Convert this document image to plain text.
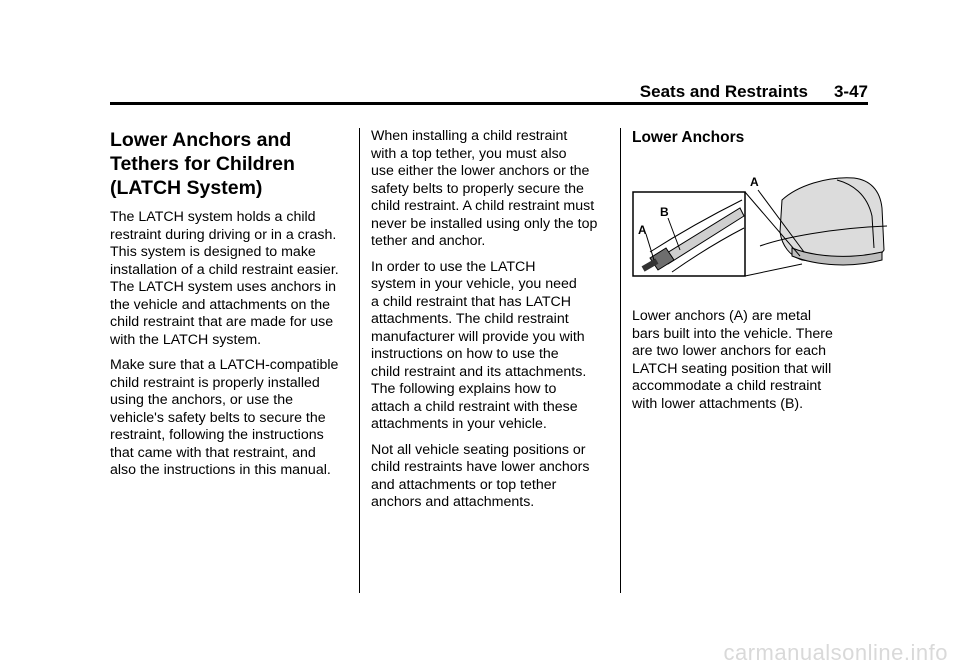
Seats and Restraints 3-47
Lower Anchors and
Tethers for Children
(LATCH System)

The LATCH system holds a child
restraint during driving or in a crash.
This system is designed to make
installation of a child restraint easier.
The LATCH system uses anchors in
the vehicle and attachments on the
child restraint that are made for use
with the LATCH system.

Make sure that a LATCH-compatible
child restraint is properly installed
using the anchors, or use the
vehicle's safety belts to secure the
restraint, following the instructions
that came with that restraint, and
also the instructions in this manual.

When installing a child restraint
with a top tether, you must also
use either the lower anchors or the
safety belts to properly secure the
child restraint. A child restraint must
never be installed using only the top
tether and anchor.

In order to use the LATCH
system in your vehicle, you need
a child restraint that has LATCH
attachments. The child restraint
manufacturer will provide you with
instructions on how to use the
child restraint and its attachments.
The following explains how to
attach a child restraint with these
attachments in your vehicle.

Not all vehicle seating positions or
child restraints have lower anchors
and attachments or top tether
anchors and attachments.

Lower Anchors

Lower anchors (A) are metal
bars built into the vehicle. There
are two lower anchors for each
LATCH seating position that will
accommodate a child restraint
with lower attachments (B).

A
B
A
carmanualsonline.info
